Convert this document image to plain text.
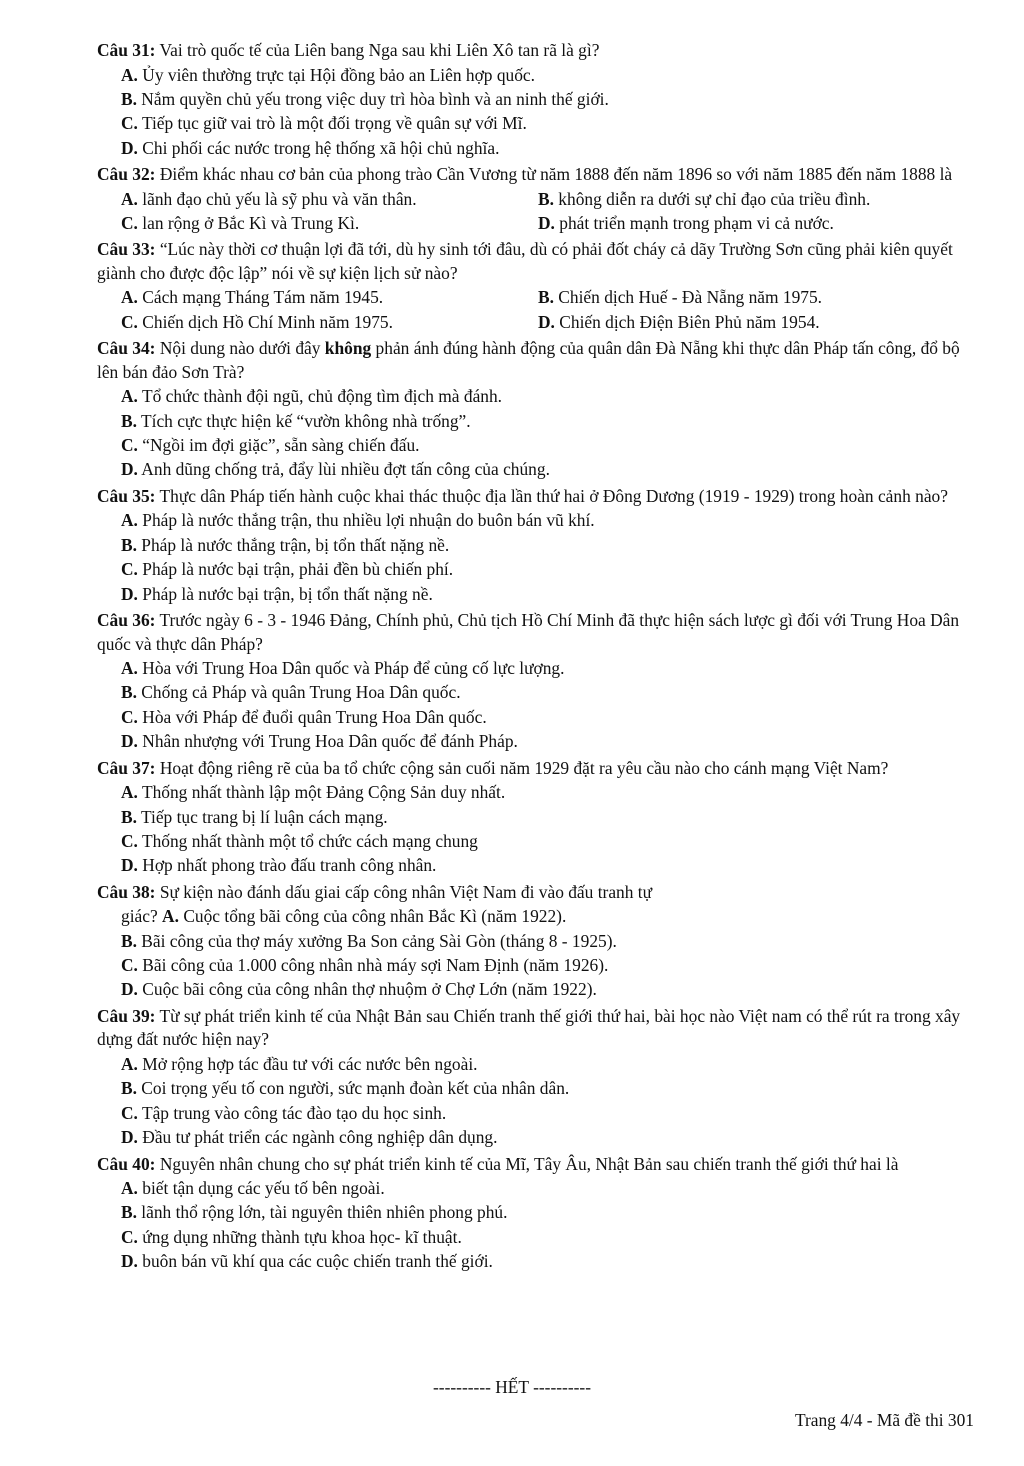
Câu 31: Vai trò quốc tế của Liên bang Nga sau khi Liên Xô tan rã là gì?

A. Ủy viên thường trực tại Hội đồng bảo an Liên hợp quốc.
B. Nắm quyền chủ yếu trong việc duy trì hòa bình và an ninh thế giới.
C. Tiếp tục giữ vai trò là một đối trọng về quân sự với Mĩ.
D. Chi phối các nước trong hệ thống xã hội chủ nghĩa.

Câu 32: Điểm khác nhau cơ bản của phong trào Cần Vương từ năm 1888 đến năm 1896 so với năm 1885 đến năm 1888 là

A. lãnh đạo chủ yếu là sỹ phu và văn thân.	B. không diễn ra dưới sự chỉ đạo của triều đình.
C. lan rộng ở Bắc Kì và Trung Kì.	D. phát triển mạnh trong phạm vi cả nước.

Câu 33: “Lúc này thời cơ thuận lợi đã tới, dù hy sinh tới đâu, dù có phải đốt cháy cả dãy Trường Sơn cũng phải kiên quyết giành cho được độc lập” nói về sự kiện lịch sử nào?

A. Cách mạng Tháng Tám năm 1945.	B. Chiến dịch Huế - Đà Nẵng năm 1975.
C. Chiến dịch Hồ Chí Minh năm 1975.	D. Chiến dịch Điện Biên Phủ năm 1954.

Câu 34: Nội dung nào dưới đây không phản ánh đúng hành động của quân dân Đà Nẵng khi thực dân Pháp tấn công, đổ bộ lên bán đảo Sơn Trà?

A. Tổ chức thành đội ngũ, chủ động tìm địch mà đánh.
B. Tích cực thực hiện kế “vườn không nhà trống”.
C. “Ngồi im đợi giặc”, sẵn sàng chiến đấu.
D. Anh dũng chống trả, đẩy lùi nhiều đợt tấn công của chúng.

Câu 35: Thực dân Pháp tiến hành cuộc khai thác thuộc địa lần thứ hai ở Đông Dương (1919 - 1929) trong hoàn cảnh nào?

A. Pháp là nước thắng trận, thu nhiều lợi nhuận do buôn bán vũ khí.
B. Pháp là nước thắng trận, bị tổn thất nặng nề.
C. Pháp là nước bại trận, phải đền bù chiến phí.
D. Pháp là nước bại trận, bị tổn thất nặng nề.

Câu 36: Trước ngày 6 - 3 - 1946 Đảng, Chính phủ, Chủ tịch Hồ Chí Minh đã thực hiện sách lược gì đối với Trung Hoa Dân quốc và thực dân Pháp?

A. Hòa với Trung Hoa Dân quốc và Pháp để củng cố lực lượng.
B. Chống cả Pháp và quân Trung Hoa Dân quốc.
C. Hòa với Pháp để đuổi quân Trung Hoa Dân quốc.
D. Nhân nhượng với Trung Hoa Dân quốc để đánh Pháp.

Câu 37: Hoạt động riêng rẽ của ba tổ chức cộng sản cuối năm 1929 đặt ra yêu cầu nào cho cánh mạng Việt Nam?

A. Thống nhất thành lập một Đảng Cộng Sản duy nhất.
B. Tiếp tục trang bị lí luận cách mạng.
C. Thống nhất thành một tổ chức cách mạng chung
D. Hợp nhất phong trào đấu tranh công nhân.

Câu 38: Sự kiện nào đánh dấu giai cấp công nhân Việt Nam đi vào đấu tranh tự

giác? A. Cuộc tổng bãi công của công nhân Bắc Kì (năm 1922).
B. Bãi công của thợ máy xưởng Ba Son cảng Sài Gòn (tháng 8 - 1925).
C. Bãi công của 1.000 công nhân nhà máy sợi Nam Định (năm 1926).
D. Cuộc bãi công của công nhân thợ nhuộm ở Chợ Lớn (năm 1922).

Câu 39: Từ sự phát triển kinh tế của Nhật Bản sau Chiến tranh thế giới thứ hai, bài học nào Việt nam có thể rút ra trong xây dựng đất nước hiện nay?

A. Mở rộng hợp tác đầu tư với các nước bên ngoài.
B. Coi trọng yếu tố con người, sức mạnh đoàn kết của nhân dân.
C. Tập trung vào công tác đào tạo du học sinh.
D. Đầu tư phát triển các ngành công nghiệp dân dụng.

Câu 40: Nguyên nhân chung cho sự phát triển kinh tế của Mĩ, Tây Âu, Nhật Bản sau chiến tranh thế giới thứ hai là

A. biết tận dụng các yếu tố bên ngoài.
B. lãnh thổ rộng lớn, tài nguyên thiên nhiên phong phú.
C. ứng dụng những thành tựu khoa học- kĩ thuật.
D. buôn bán vũ khí qua các cuộc chiến tranh thế giới.
---------- HẾT ----------
Trang 4/4 - Mã đề thi 301
